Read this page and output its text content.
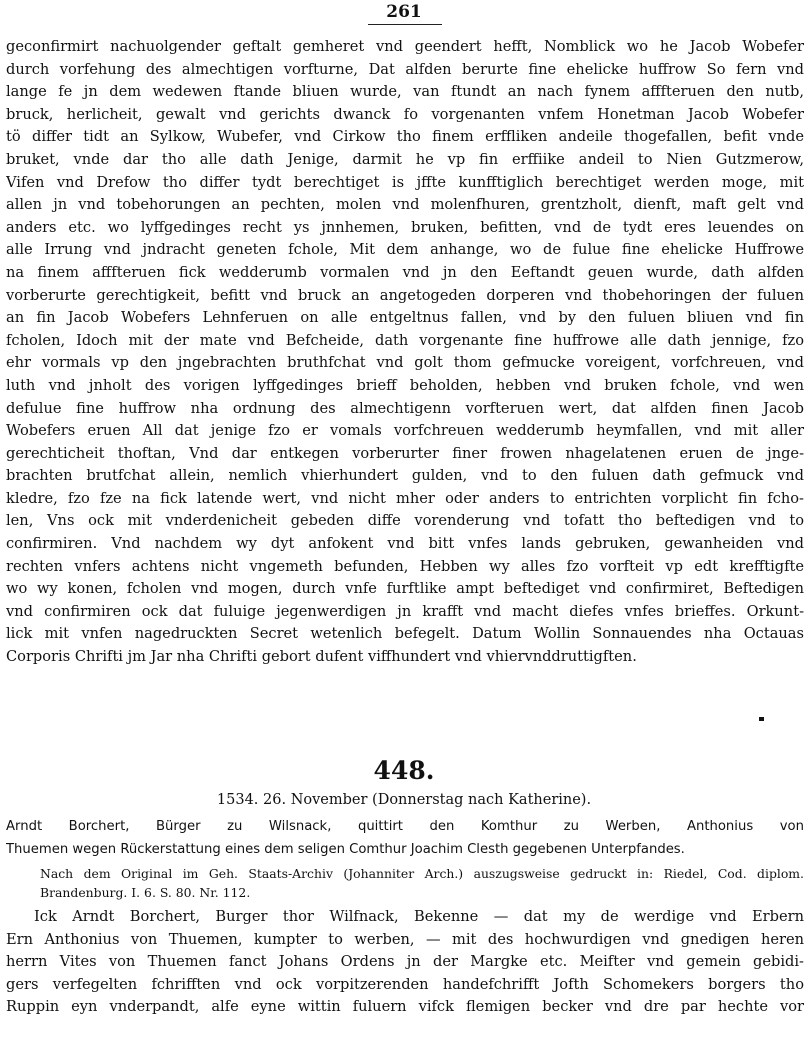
261
geconfirmirt nachuolgender geftalt gemheret vnd geendert hefft, Nomblick wo he Jacob Wobefer
durch vorfehung des almechtigen vorfturne, Dat alfden berurte fine ehelicke huffrow So fern vnd
lange fe jn dem wedewen ftande bliuen wurde, van ftundt an nach fynem afffteruen den nutb,
bruck, herlicheit, gewalt vnd gerichts dwanck fo vorgenanten vnfem Honetman Jacob Wobefer
tö differ tidt an Sylkow, Wubefer, vnd Cirkow tho finem erffliken andeile thogefallen, befit vnde
bruket, vnde dar tho alle dath Jenige, darmit he vp fin erffiike andeil to Nien Gutzmerow,
Vifen vnd Drefow tho differ tydt berechtiget is jffte kunfftiglich berechtiget werden moge, mit
allen jn vnd tobehorungen an pechten, molen vnd molenfhuren, grentzholt, dienft, maft gelt vnd
anders etc. wo lyffgedinges recht ys jnnhemen, bruken, befitten, vnd de tydt eres leuendes on
alle Irrung vnd jndracht geneten fchole, Mit dem anhange, wo de fulue fine ehelicke Huffrowe
na finem afffteruen fick wedderumb vormalen vnd jn den Eeftandt geuen wurde, dath alfden
vorberurte gerechtigkeit, befitt vnd bruck an angetogeden dorperen vnd thobehoringen der fuluen
an fin Jacob Wobefers Lehnferuen on alle entgeltnus fallen, vnd by den fuluen bliuen vnd fin
fcholen, Idoch mit der mate vnd Befcheide, dath vorgenante fine huffrowe alle dath jennige, fzo
ehr vormals vp den jngebrachten bruthfchat vnd golt thom gefmucke voreigent, vorfchreuen, vnd
luth vnd jnholt des vorigen lyffgedinges brieff beholden, hebben vnd bruken fchole, vnd wen
defulue fine huffrow nha ordnung des almechtigenn vorfteruen wert, dat alfden finen Jacob
Wobefers eruen All dat jenige fzo er vomals vorfchreuen wedderumb heymfallen, vnd mit aller
gerechticheit thoftan, Vnd dar entkegen vorberurter finer frowen nhagelatenen eruen de jnge-
brachten brutfchat allein, nemlich vhierhundert gulden, vnd to den fuluen dath gefmuck vnd
kledre, fzo fze na fick latende wert, vnd nicht mher oder anders to entrichten vorplicht fin fcho-
len, Vns ock mit vnderdenicheit gebeden diffe vorenderung vnd tofatt tho beftedigen vnd to
confirmiren. Vnd nachdem wy dyt anfokent vnd bitt vnfes lands gebruken, gewanheiden vnd
rechten vnfers achtens nicht vngemeth befunden, Hebben wy alles fzo vorfteit vp edt krefftigfte
wo wy konen, fcholen vnd mogen, durch vnfe furftlike ampt beftediget vnd confirmiret, Beftedigen
vnd confirmiren ock dat fuluige jegenwerdigen jn krafft vnd macht diefes vnfes brieffes. Orkunt-
lick mit vnfen nagedruckten Secret wetenlich befegelt. Datum Wollin Sonnauendes nha Octauas
Corporis Chrifti jm Jar nha Chrifti gebort dufent viffhundert vnd vhiervnddruttigften.
448.
1534. 26. November (Donnerstag nach Katherine).
Arndt Borchert, Bürger zu Wilsnack, quittirt den Komthur zu Werben, Anthonius von
Thuemen wegen Rückerstattung eines dem seligen Comthur Joachim Clesth gegebenen Unterpfandes.
Nach dem Original im Geh. Staats-Archiv (Johanniter Arch.) auszugsweise gedruckt in: Riedel, Cod. diplom.
Brandenburg. I. 6. S. 80. Nr. 112.
Ick Arndt Borchert, Burger thor Wilfnack, Bekenne — dat my de werdige vnd Erbern
Ern Anthonius von Thuemen, kumpter to werben, — mit des hochwurdigen vnd gnedigen heren
herrn Vites von Thuemen fanct Johans Ordens jn der Margke etc. Meifter vnd gemein gebidi-
gers verfegelten fchrifften vnd ock vorpitzerenden handefchrifft Jofth Schomekers borgers tho
Ruppin eyn vnderpandt, alfe eyne wittin fuluern vifck flemigen becker vnd dre par hechte vor
